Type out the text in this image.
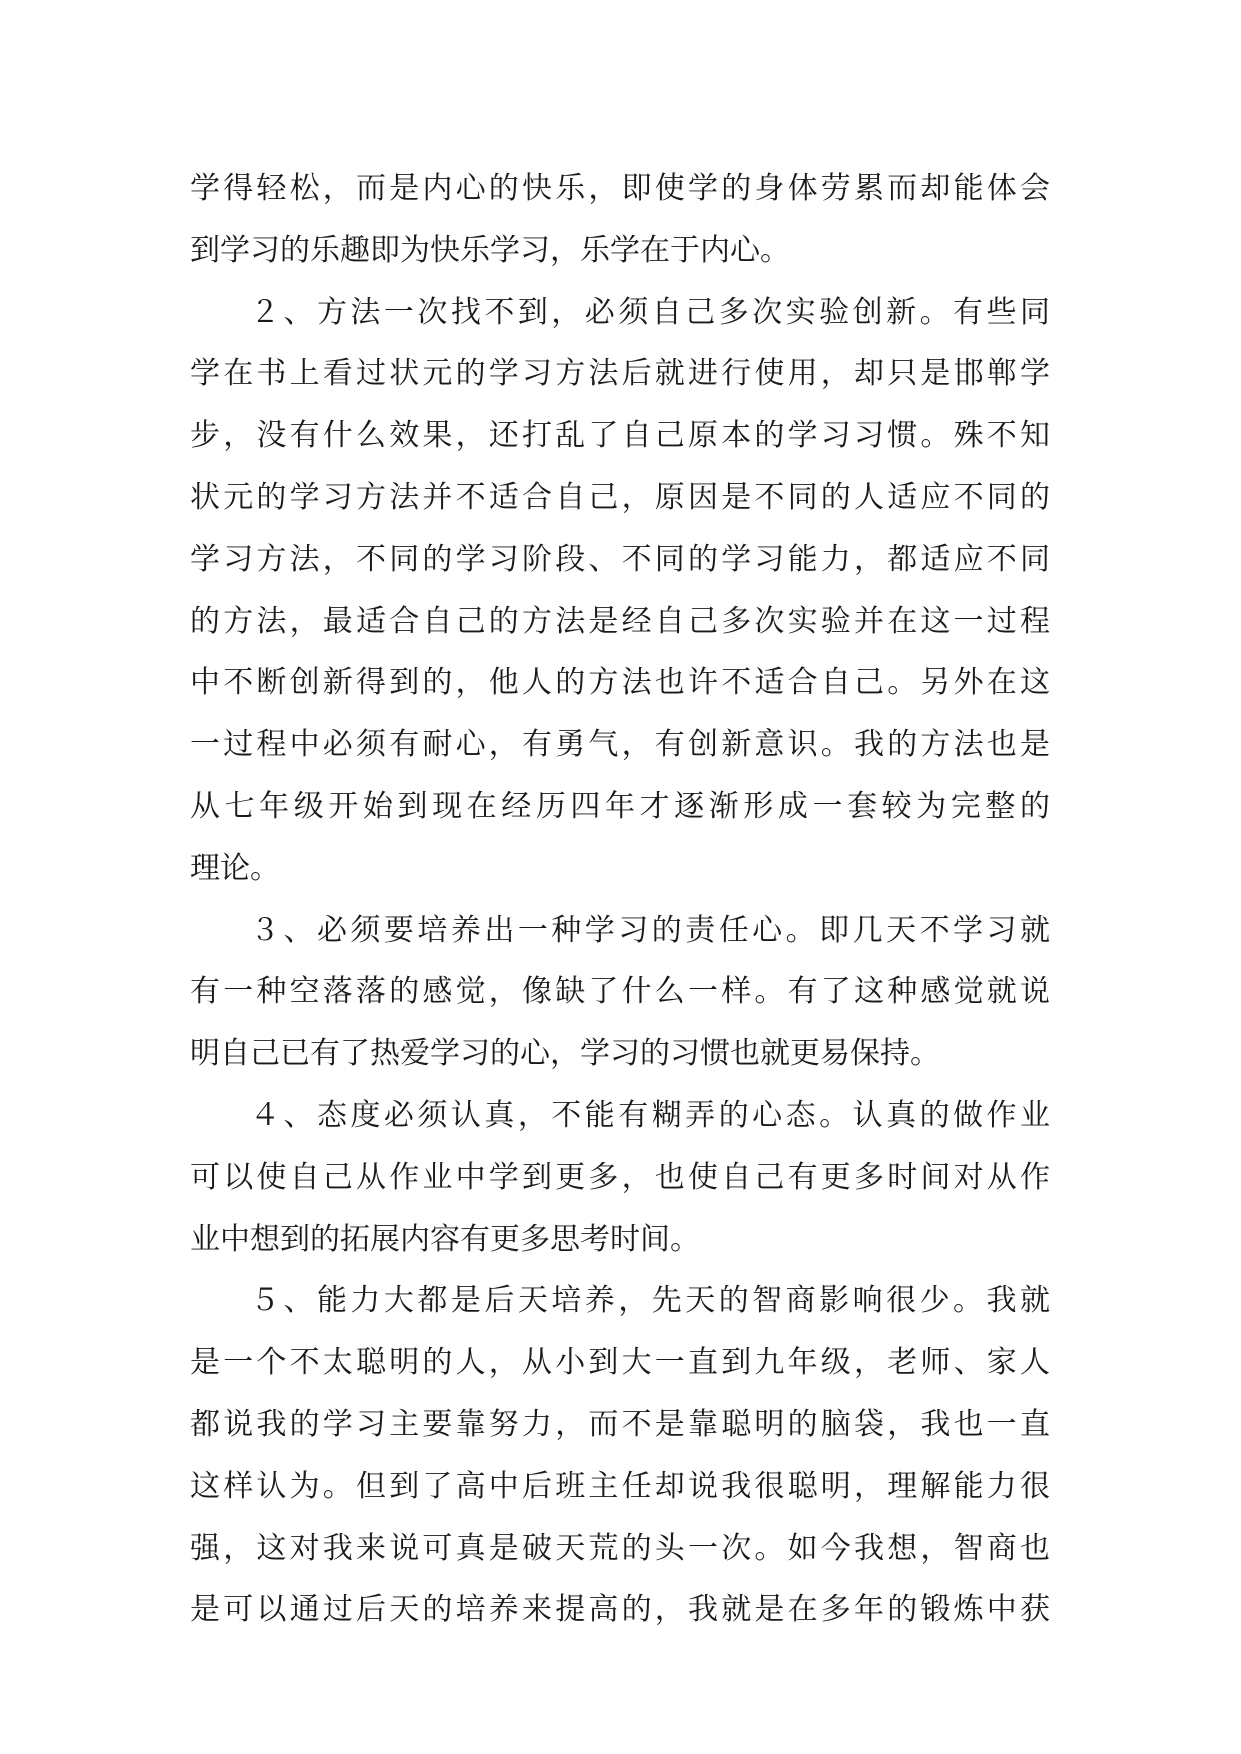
学得轻松，而是内心的快乐，即使学的身体劳累而却能体会
到学习的乐趣即为快乐学习，乐学在于内心。
２、方法一次找不到，必须自己多次实验创新。有些同
学在书上看过状元的学习方法后就进行使用，却只是邯郸学
步，没有什么效果，还打乱了自己原本的学习习惯。殊不知
状元的学习方法并不适合自己，原因是不同的人适应不同的
学习方法，不同的学习阶段、不同的学习能力，都适应不同
的方法，最适合自己的方法是经自己多次实验并在这一过程
中不断创新得到的，他人的方法也许不适合自己。另外在这
一过程中必须有耐心，有勇气，有创新意识。我的方法也是
从七年级开始到现在经历四年才逐渐形成一套较为完整的
理论。
３、必须要培养出一种学习的责任心。即几天不学习就
有一种空落落的感觉，像缺了什么一样。有了这种感觉就说
明自己已有了热爱学习的心，学习的习惯也就更易保持。
４、态度必须认真，不能有糊弄的心态。认真的做作业
可以使自己从作业中学到更多，也使自己有更多时间对从作
业中想到的拓展内容有更多思考时间。
５、能力大都是后天培养，先天的智商影响很少。我就
是一个不太聪明的人，从小到大一直到九年级，老师、家人
都说我的学习主要靠努力，而不是靠聪明的脑袋，我也一直
这样认为。但到了高中后班主任却说我很聪明，理解能力很
强，这对我来说可真是破天荒的头一次。如今我想，智商也
是可以通过后天的培养来提高的，我就是在多年的锻炼中获
